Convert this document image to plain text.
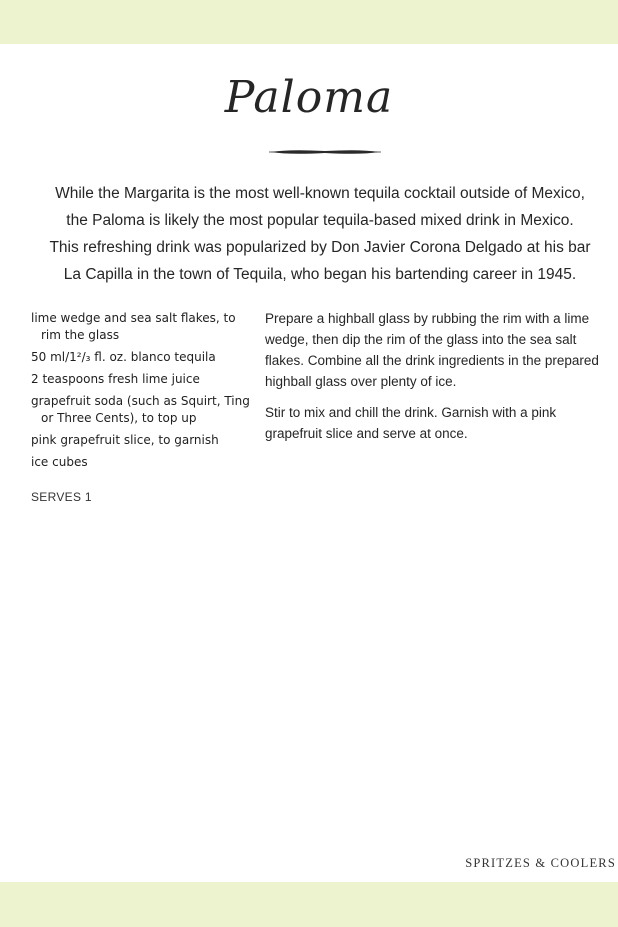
Paloma

While the Margarita is the most well-known tequila cocktail outside of Mexico,

the Paloma is likely the most popular tequila-based mixed drink in Mexico.

This refreshing drink was popularized by Don Javier Corona Delgado at his bar

La Capilla in the town of Tequila, who began his bartending career in 1945.

lime wedge and sea salt flakes, to rim the glass
50 ml/1²/₃ fl. oz. blanco tequila
2 teaspoons fresh lime juice
grapefruit soda (such as Squirt, Ting or Three Cents), to top up
pink grapefruit slice, to garnish
ice cubes
SERVES 1

Prepare a highball glass by rubbing the rim with a lime wedge, then dip the rim of the glass into the sea salt flakes. Combine all the drink ingredients in the prepared highball glass over plenty of ice.

Stir to mix and chill the drink. Garnish with a pink grapefruit slice and serve at once.

SPRITZES & COOLERS
